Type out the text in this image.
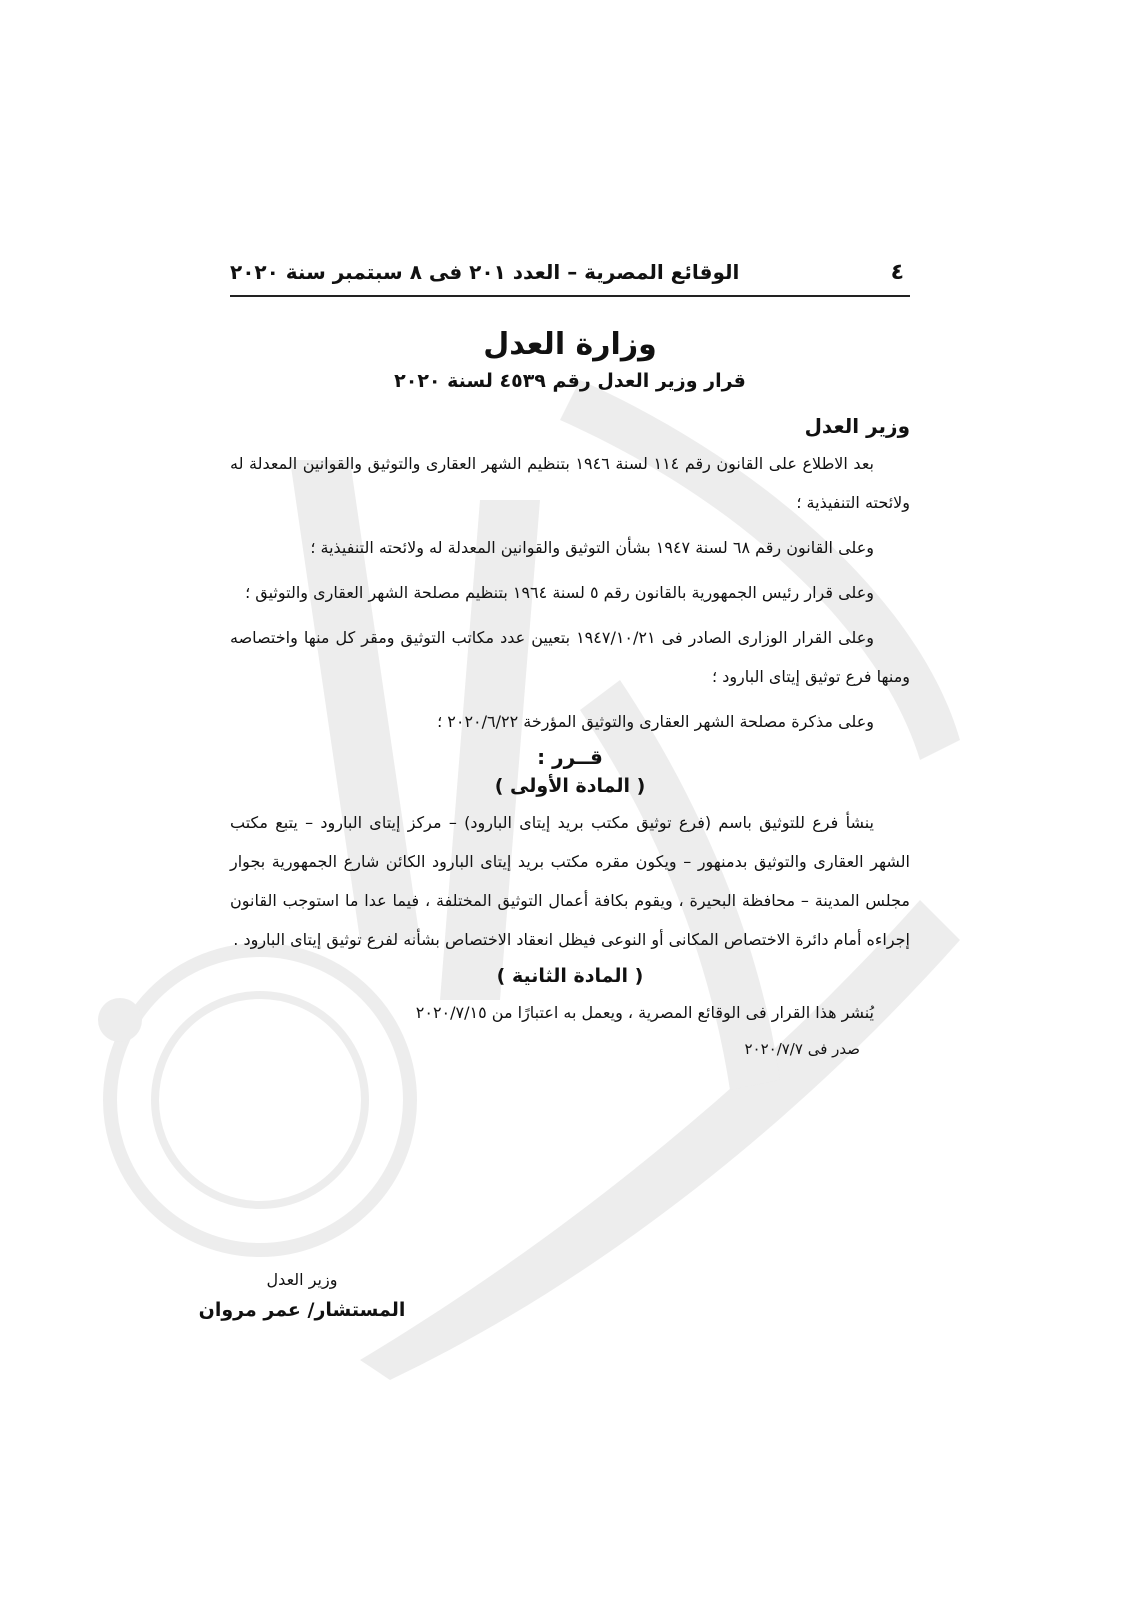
٤
الوقائع المصرية – العدد ٢٠١ فى ٨ سبتمبر سنة ٢٠٢٠
وزارة العدل
قرار وزير العدل رقم ٤٥٣٩ لسنة ٢٠٢٠
وزير العدل

بعد الاطلاع على القانون رقم ١١٤ لسنة ١٩٤٦ بتنظيم الشهر العقارى والتوثيق والقوانين المعدلة له ولائحته التنفيذية ؛

وعلى القانون رقم ٦٨ لسنة ١٩٤٧ بشأن التوثيق والقوانين المعدلة له ولائحته التنفيذية ؛

وعلى قرار رئيس الجمهورية بالقانون رقم ٥ لسنة ١٩٦٤ بتنظيم مصلحة الشهر العقارى والتوثيق ؛

وعلى القرار الوزارى الصادر فى ١٩٤٧/١٠/٢١ بتعيين عدد مكاتب التوثيق ومقر كل منها واختصاصه ومنها فرع توثيق إيتاى البارود ؛

وعلى مذكرة مصلحة الشهر العقارى والتوثيق المؤرخة ٢٠٢٠/٦/٢٢ ؛

قــرر :
( المادة الأولى )

ينشأ فرع للتوثيق باسم (فرع توثيق مكتب بريد إيتاى البارود) – مركز إيتاى البارود – يتبع مكتب الشهر العقارى والتوثيق بدمنهور – ويكون مقره مكتب بريد إيتاى البارود الكائن شارع الجمهورية بجوار مجلس المدينة – محافظة البحيرة ، ويقوم بكافة أعمال التوثيق المختلفة ، فيما عدا ما استوجب القانون إجراءه أمام دائرة الاختصاص المكانى أو النوعى فيظل انعقاد الاختصاص بشأنه لفرع توثيق إيتاى البارود .

( المادة الثانية )

يُنشر هذا القرار فى الوقائع المصرية ، ويعمل به اعتبارًا من ٢٠٢٠/٧/١٥

صدر فى ٢٠٢٠/٧/٧
وزير العدل
المستشار/ عمر مروان
